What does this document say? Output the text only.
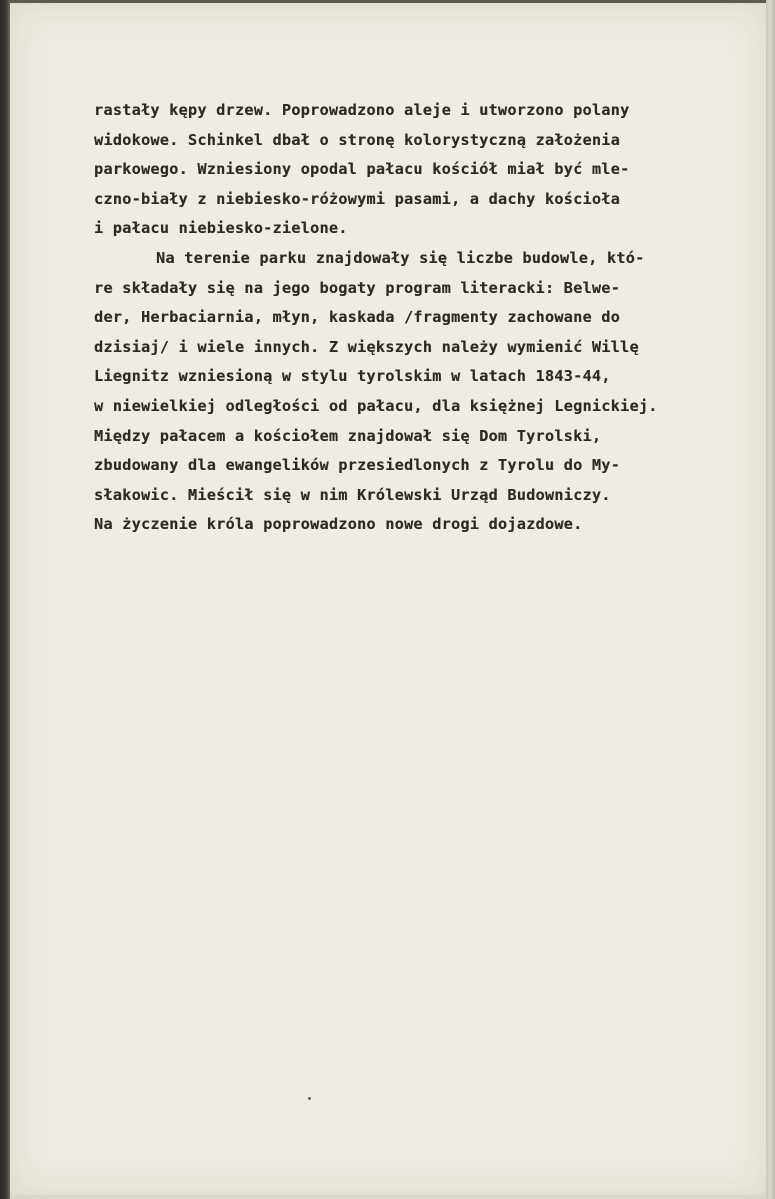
rastały kępy drzew. Poprowadzono aleje i utworzono polany
widokowe. Schinkel dbał o stronę kolorystyczną założenia
parkowego. Wzniesiony opodal pałacu kościół miał być mle-
czno-biały z niebiesko-różowymi pasami, a dachy kościoła
i pałacu niebiesko-zielone.
Na terenie parku znajdowały się liczbe budowle, któ-
re składały się na jego bogaty program literacki: Belwe-
der, Herbaciarnia, młyn, kaskada /fragmenty zachowane do
dzisiaj/ i wiele innych. Z większych należy wymienić Willę
Liegnitz wzniesioną w stylu tyrolskim w latach 1843-44,
w niewielkiej odległości od pałacu, dla księżnej Legnickiej.
Między pałacem a kościołem znajdował się Dom Tyrolski,
zbudowany dla ewangelików przesiedlonych z Tyrolu do My-
słakowic. Mieścił się w nim Królewski Urząd Budowniczy.
Na życzenie króla poprowadzono nowe drogi dojazdowe.
